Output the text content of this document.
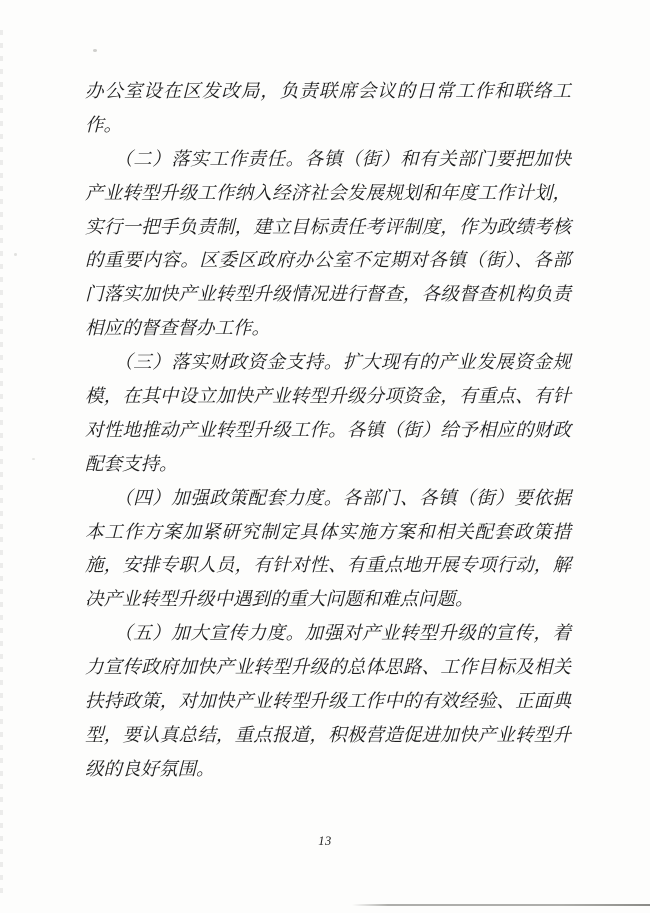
办公室设在区发改局，负责联席会议的日常工作和联络工
作。
（二）落实工作责任。各镇（街）和有关部门要把加快
产业转型升级工作纳入经济社会发展规划和年度工作计划，
实行一把手负责制，建立目标责任考评制度，作为政绩考核
的重要内容。区委区政府办公室不定期对各镇（街）、各部
门落实加快产业转型升级情况进行督查，各级督查机构负责
相应的督查督办工作。
（三）落实财政资金支持。扩大现有的产业发展资金规
模，在其中设立加快产业转型升级分项资金，有重点、有针
对性地推动产业转型升级工作。各镇（街）给予相应的财政
配套支持。
（四）加强政策配套力度。各部门、各镇（街）要依据
本工作方案加紧研究制定具体实施方案和相关配套政策措
施，安排专职人员，有针对性、有重点地开展专项行动，解
决产业转型升级中遇到的重大问题和难点问题。
（五）加大宣传力度。加强对产业转型升级的宣传，着
力宣传政府加快产业转型升级的总体思路、工作目标及相关
扶持政策，对加快产业转型升级工作中的有效经验、正面典
型，要认真总结，重点报道，积极营造促进加快产业转型升
级的良好氛围。
13
